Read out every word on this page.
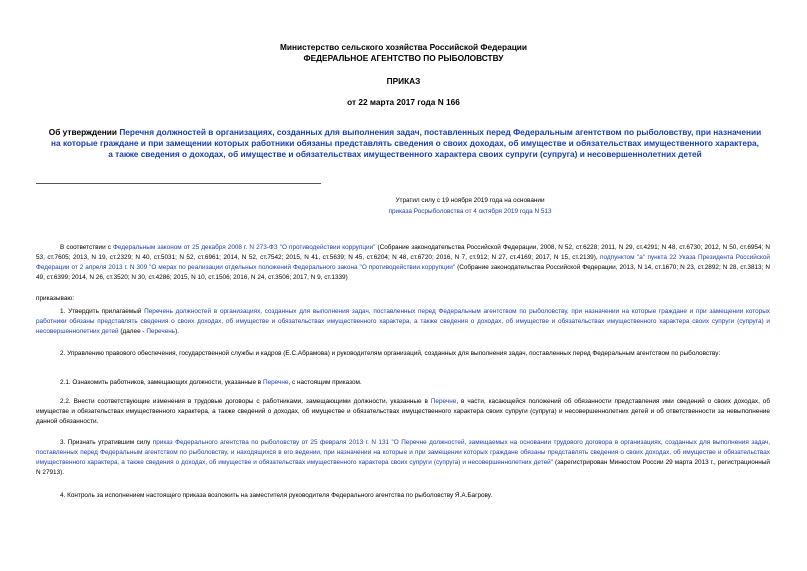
Министерство сельского хозяйства Российской Федерации
ФЕДЕРАЛЬНОЕ АГЕНТСТВО ПО РЫБОЛОВСТВУ
ПРИКАЗ
от 22 марта 2017 года N 166
Об утверждении Перечня должностей в организациях, созданных для выполнения задач, поставленных перед Федеральным агентством по рыболовству, при назначении на которые граждане и при замещении которых работники обязаны представлять сведения о своих доходах, об имуществе и обязательствах имущественного характера, а также сведения о доходах, об имуществе и обязательствах имущественного характера своих супруги (супруга) и несовершеннолетних детей
Утратил силу с 19 ноября 2019 года на основании
приказа Росрыболовства от 4 октября 2019 года N 513
В соответствии с Федеральным законом от 25 декабря 2008 г. N 273-ФЗ "О противодействии коррупции" (Собрание законодательства Российской Федерации, 2008, N 52, ст.6228; 2011, N 29, ст.4291; N 48, ст.6730; 2012, N 50, ст.6954; N 53, ст.7605; 2013, N 19, ст.2329; N 40, ст.5031; N 52, ст.6961; 2014, N 52, ст.7542; 2015, N 41, ст.5639; N 45, ст.6204; N 48, ст.6720; 2016, N 7, ст.912; N 27, ст.4169; 2017, N 15, ст.2139), подпунктом "а" пункта 22 Указа Президента Российской Федерации от 2 апреля 2013 г. N 309 "О мерах по реализации отдельных положений Федерального закона "О противодействии коррупции" (Собрание законодательства Российской Федерации, 2013, N 14, ст.1670; N 23, ст.2892; N 28, ст.3813; N 49, ст.6399; 2014, N 26, ст.3520; N 30, ст.4286; 2015, N 10, ст.1506; 2016, N 24, ст.3506; 2017, N 9, ст.1339)
приказываю:
1. Утвердить прилагаемый Перечень должностей в организациях, созданных для выполнения задач, поставленных перед Федеральным агентством по рыболовству, при назначении на которые граждане и при замещении которых работники обязаны представлять сведения о своих доходах, об имуществе и обязательствах имущественного характера, а также сведения о доходах, об имуществе и обязательствах имущественного характера своих супруги (супруга) и несовершеннолетних детей (далее - Перечень).
2. Управлению правового обеспечения, государственной службы и кадров (Е.С.Абрамова) и руководителям организаций, созданных для выполнения задач, поставленных перед Федеральным агентством по рыболовству:
2.1. Ознакомить работников, замещающих должности, указанные в Перечне, с настоящим приказом.
2.2. Внести соответствующие изменения в трудовые договоры с работниками, замещающими должности, указанные в Перечне, в части, касающейся положений об обязанности представления ими сведений о своих доходах, об имуществе и обязательствах имущественного характера, а также сведений о доходах, об имуществе и обязательствах имущественного характера своих супруги (супруга) и несовершеннолетних детей и об ответственности за невыполнение данной обязанности.
3. Признать утратившим силу приказ Федерального агентства по рыболовству от 25 февраля 2013 г. N 131 "О Перечне должностей, замещаемых на основании трудового договора в организациях, созданных для выполнения задач, поставленных перед Федеральным агентством по рыболовству, и находящихся в его ведении, при назначении на которые и при замещении которых граждане обязаны представлять сведения о своих доходах, об имуществе и обязательствах имущественного характера, а также сведения о доходах, об имуществе и обязательствах имущественного характера своих супруги (супруга) и несовершеннолетних детей" (зарегистрирован Минюстом России 29 марта 2013 г., регистрационный N 27913).
4. Контроль за исполнением настоящего приказа возложить на заместителя руководителя Федерального агентства по рыболовству Я.А.Багрову.
